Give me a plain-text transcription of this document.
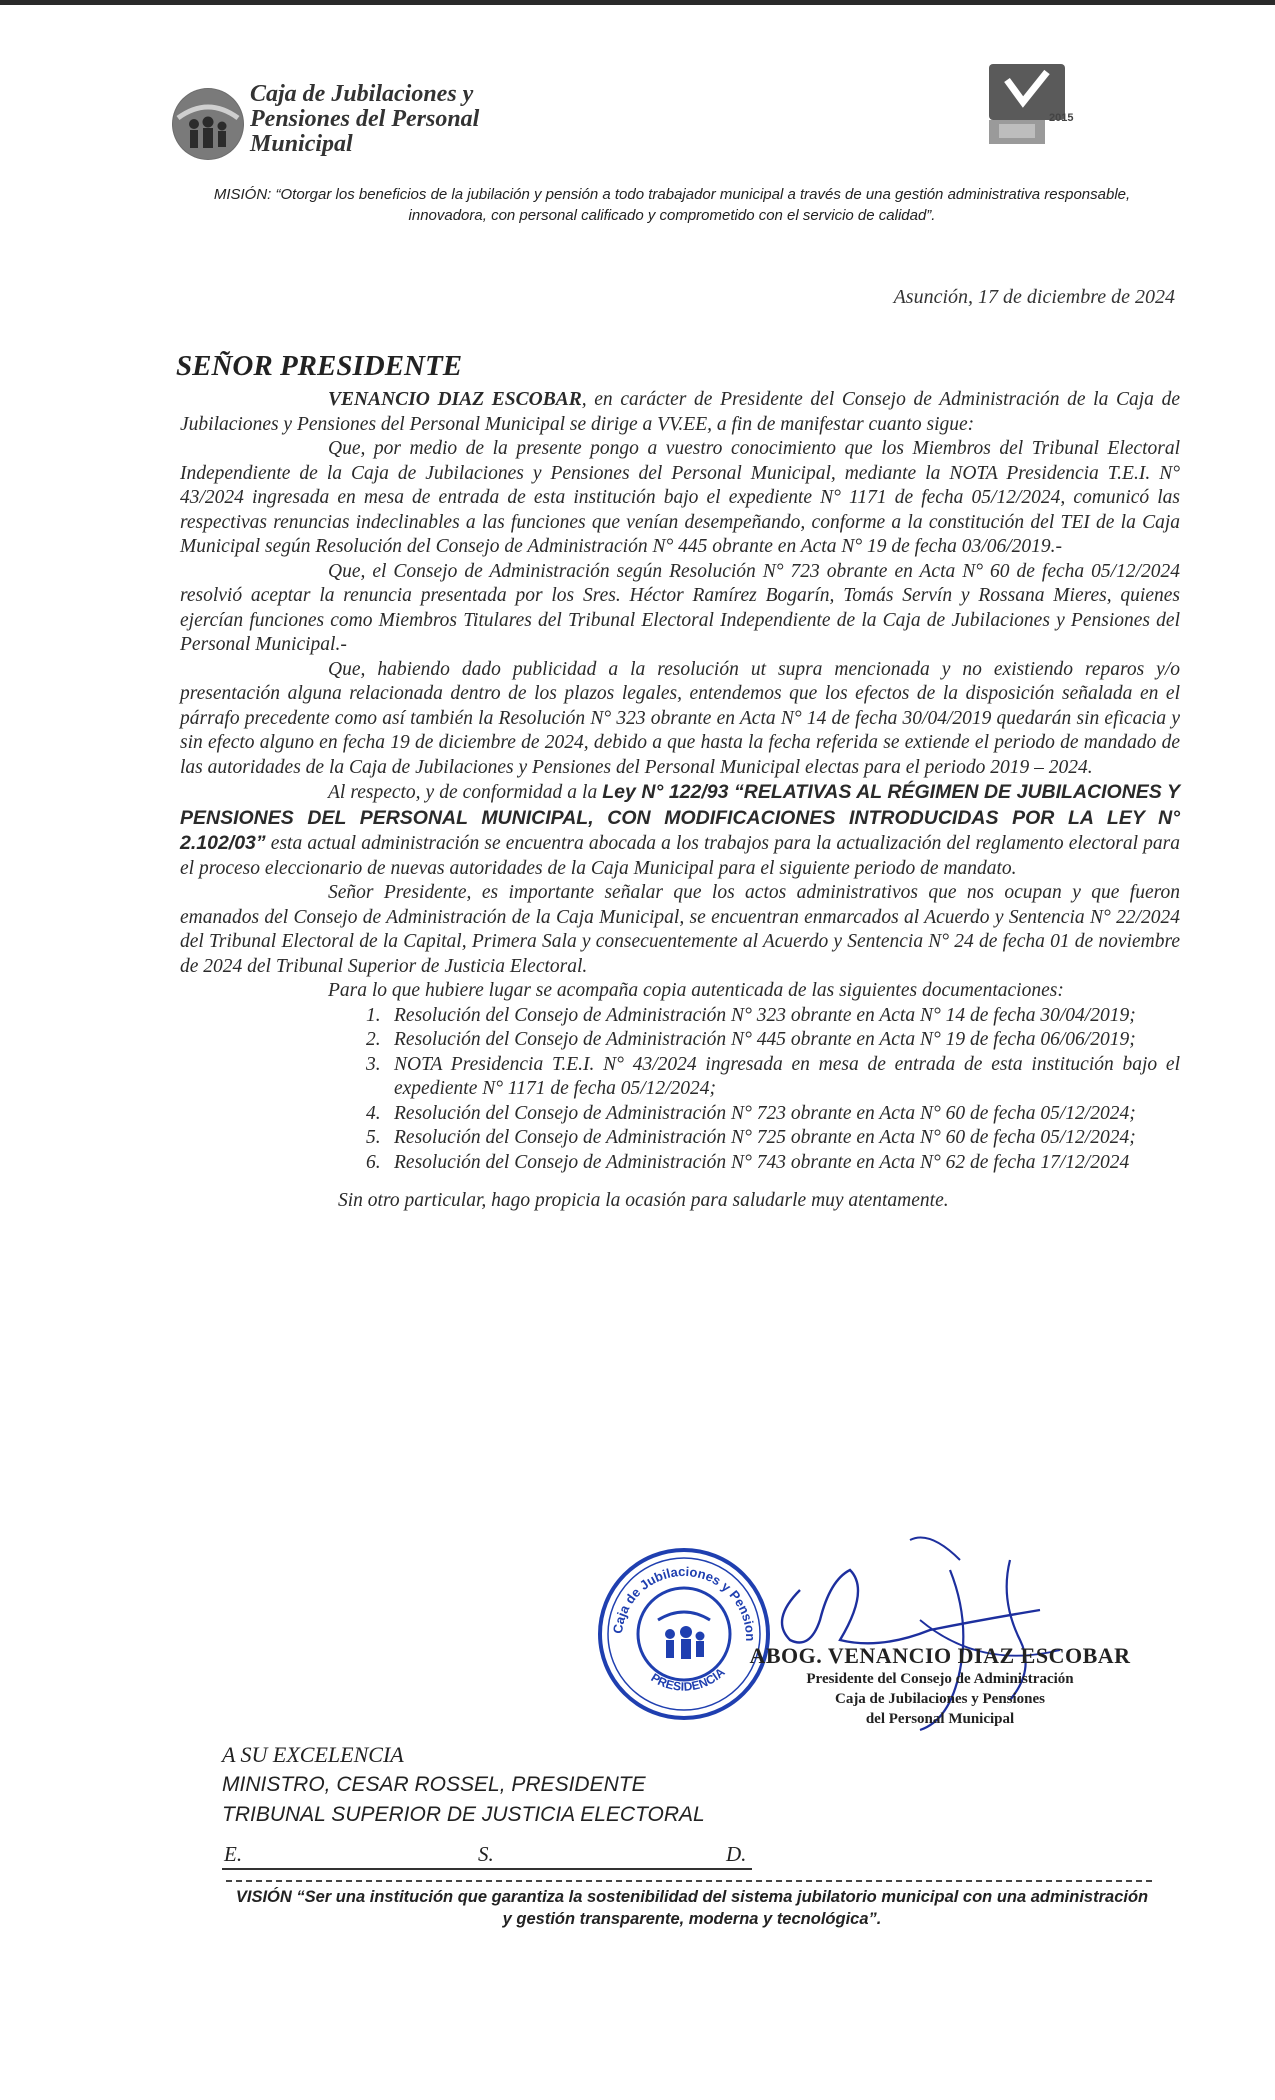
Caja de Jubilaciones y
Pensiones del Personal
Municipal
2015
MISIÓN: “Otorgar los beneficios de la jubilación y pensión a todo trabajador municipal a través de una gestión administrativa responsable, innovadora, con personal calificado y comprometido con el servicio de calidad”.
Asunción, 17 de diciembre de 2024
SEÑOR PRESIDENTE

VENANCIO DIAZ ESCOBAR, en carácter de Presidente del Consejo de Administración de la Caja de Jubilaciones y Pensiones del Personal Municipal se dirige a VV.EE, a fin de manifestar cuanto sigue:

Que, por medio de la presente pongo a vuestro conocimiento que los Miembros del Tribunal Electoral Independiente de la Caja de Jubilaciones y Pensiones del Personal Municipal, mediante la NOTA Presidencia T.E.I. N° 43/2024 ingresada en mesa de entrada de esta institución bajo el expediente N° 1171 de fecha 05/12/2024, comunicó las respectivas renuncias indeclinables a las funciones que venían desempeñando, conforme a la constitución del TEI de la Caja Municipal según Resolución del Consejo de Administración N° 445 obrante en Acta N° 19 de fecha 03/06/2019.-

Que, el Consejo de Administración según Resolución N° 723 obrante en Acta N° 60 de fecha 05/12/2024 resolvió aceptar la renuncia presentada por los Sres. Héctor Ramírez Bogarín, Tomás Servín y Rossana Mieres, quienes ejercían funciones como Miembros Titulares del Tribunal Electoral Independiente de la Caja de Jubilaciones y Pensiones del Personal Municipal.-

Que, habiendo dado publicidad a la resolución ut supra mencionada y no existiendo reparos y/o presentación alguna relacionada dentro de los plazos legales, entendemos que los efectos de la disposición señalada en el párrafo precedente como así también la Resolución N° 323 obrante en Acta N° 14 de fecha 30/04/2019 quedarán sin eficacia y sin efecto alguno en fecha 19 de diciembre de 2024, debido a que hasta la fecha referida se extiende el periodo de mandado de las autoridades de la Caja de Jubilaciones y Pensiones del Personal Municipal electas para el periodo 2019 – 2024.

Al respecto, y de conformidad a la Ley N° 122/93 “RELATIVAS AL RÉGIMEN DE JUBILACIONES Y PENSIONES DEL PERSONAL MUNICIPAL, CON MODIFICACIONES INTRODUCIDAS POR LA LEY N° 2.102/03” esta actual administración se encuentra abocada a los trabajos para la actualización del reglamento electoral para el proceso eleccionario de nuevas autoridades de la Caja Municipal para el siguiente periodo de mandato.

Señor Presidente, es importante señalar que los actos administrativos que nos ocupan y que fueron emanados del Consejo de Administración de la Caja Municipal, se encuentran enmarcados al Acuerdo y Sentencia N° 22/2024 del Tribunal Electoral de la Capital, Primera Sala y consecuentemente al Acuerdo y Sentencia N° 24 de fecha 01 de noviembre de 2024 del Tribunal Superior de Justicia Electoral.

Para lo que hubiere lugar se acompaña copia autenticada de las siguientes documentaciones:

1. Resolución del Consejo de Administración N° 323 obrante en Acta N° 14 de fecha 30/04/2019;
2. Resolución del Consejo de Administración N° 445 obrante en Acta N° 19 de fecha 06/06/2019;
3. NOTA Presidencia T.E.I. N° 43/2024 ingresada en mesa de entrada de esta institución bajo el expediente N° 1171 de fecha 05/12/2024;
4. Resolución del Consejo de Administración N° 723 obrante en Acta N° 60 de fecha 05/12/2024;
5. Resolución del Consejo de Administración N° 725 obrante en Acta N° 60 de fecha 05/12/2024;
6. Resolución del Consejo de Administración N° 743 obrante en Acta N° 62 de fecha 17/12/2024

Sin otro particular, hago propicia la ocasión para saludarle muy atentamente.

Caja de Jubilaciones y Pension
PRESIDENCIA
ABOG. VENANCIO DIAZ ESCOBAR
Presidente del Consejo de Administración
Caja de Jubilaciones y Pensiones
del Personal Municipal
A SU EXCELENCIA
MINISTRO, CESAR ROSSEL, PRESIDENTE
TRIBUNAL SUPERIOR DE JUSTICIA ELECTORAL
E.	S.	D.
VISIÓN “Ser una institución que garantiza la sostenibilidad del sistema jubilatorio municipal con una administración y gestión transparente, moderna y tecnológica”.
